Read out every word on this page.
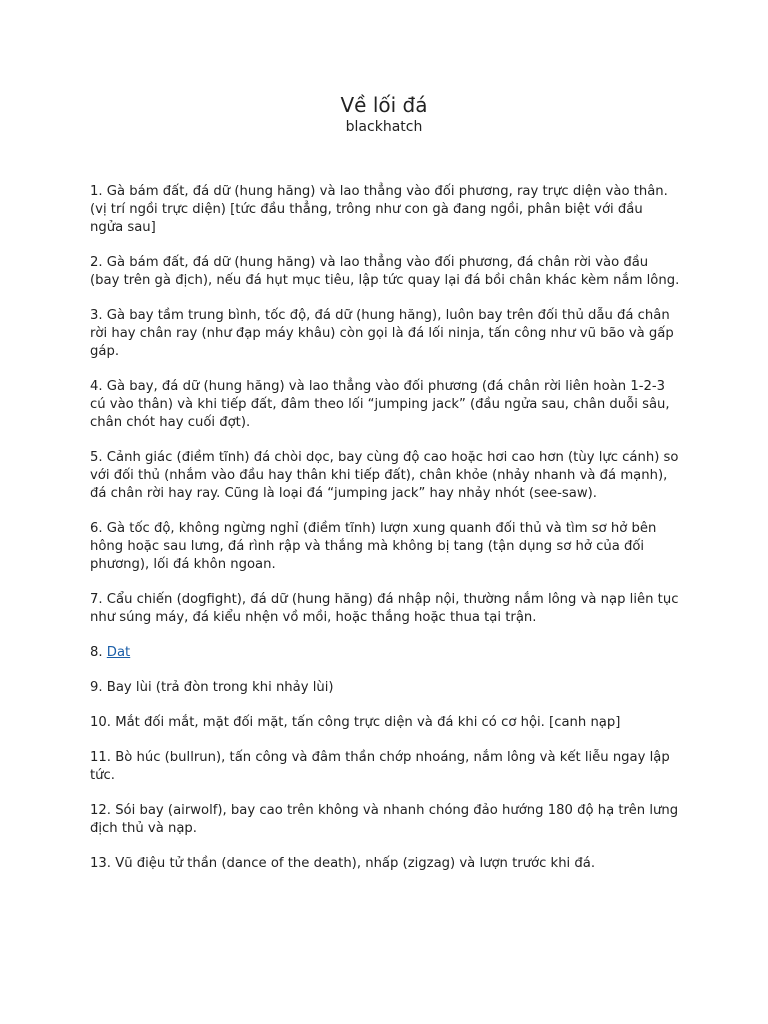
Về lối đá
blackhatch

1. Gà bám đất, đá dữ (hung hăng) và lao thẳng vào đối phương, ray trực diện vào thân. (vị trí ngồi trực diện) [tức đầu thẳng, trông như con gà đang ngồi, phân biệt với đầu ngửa sau]

2. Gà bám đất, đá dữ (hung hăng) và lao thẳng vào đối phương, đá chân rời vào đầu (bay trên gà địch), nếu đá hụt mục tiêu, lập tức quay lại đá bồi chân khác kèm nắm lông.

3. Gà bay tầm trung bình, tốc độ, đá dữ (hung hăng), luôn bay trên đối thủ dẫu đá chân rời hay chân ray (như đạp máy khâu) còn gọi là đá lối ninja, tấn công như vũ bão và gấp gáp.

4. Gà bay, đá dữ (hung hăng) và lao thẳng vào đối phương (đá chân rời liên hoàn 1-2-3 cú vào thân) và khi tiếp đất, đâm theo lối “jumping jack” (đầu ngửa sau, chân duỗi sâu, chân chót hay cuối đợt).

5. Cảnh giác (điềm tĩnh) đá chòi dọc, bay cùng độ cao hoặc hơi cao hơn (tùy lực cánh) so với đối thủ (nhắm vào đầu hay thân khi tiếp đất), chân khỏe (nhảy nhanh và đá mạnh), đá chân rời hay ray. Cũng là loại đá “jumping jack” hay nhảy nhót (see-saw).

6. Gà tốc độ, không ngừng nghỉ (điềm tĩnh) lượn xung quanh đối thủ và tìm sơ hở bên hông hoặc sau lưng, đá rình rập và thắng mà không bị tang (tận dụng sơ hở của đối phương), lối đá khôn ngoan.

7. Cẩu chiến (dogfight), đá dữ (hung hăng) đá nhập nội, thường nắm lông và nạp liên tục như súng máy, đá kiểu nhện vồ mồi, hoặc thắng hoặc thua tại trận.

8. Dat

9. Bay lùi (trả đòn trong khi nhảy lùi)

10. Mắt đối mắt, mặt đối mặt, tấn công trực diện và đá khi có cơ hội. [canh nạp]

11. Bò húc (bullrun), tấn công và đâm thần chớp nhoáng, nắm lông và kết liễu ngay lập tức.

12. Sói bay (airwolf), bay cao trên không và nhanh chóng đảo hướng 180 độ hạ trên lưng địch thủ và nạp.

13. Vũ điệu tử thần (dance of the death), nhấp (zigzag) và lượn trước khi đá.
